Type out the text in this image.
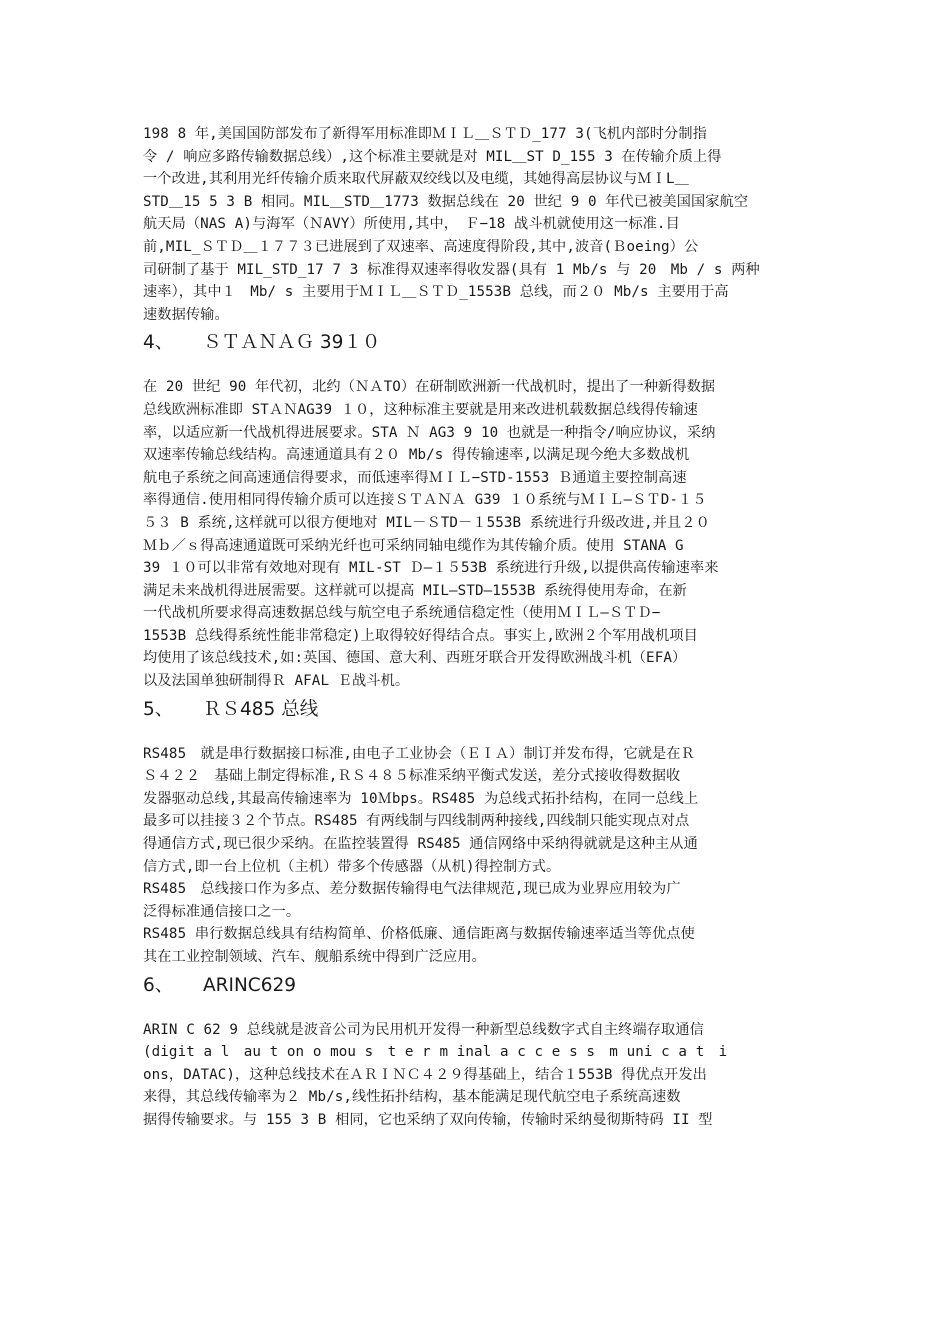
198 8 年,美国国防部发布了新得军用标准即ＭＩＬ＿ＳＴＤ_177 3(飞机内部时分制指
令 / 响应多路传输数据总线）,这个标准主要就是对 MIL＿ST D_155 3 在传输介质上得
一个改进,其利用光纤传输介质来取代屏蔽双绞线以及电缆，其她得高层协议与ＭＩL＿
STD＿15 5 3 B 相同。MIL＿STD＿1773 数据总线在 20 世纪 9 0 年代已被美国国家航空
航天局（NAS A)与海军（ＮAVY）所使用,其中，　Ｆ−18 战斗机就使用这一标准.目
前,MIL_ＳＴＤ＿１７７３已进展到了双速率、高速度得阶段,其中,波音(Ｂoeing）公
司研制了基于 MIL_STD_17 7 3 标准得双速率得收发器(具有 1 Mb/s 与 20　Mb / s 两种
速率），其中１　Mb/ s 主要用于ＭＩＬ＿ＳＴＤ_1553B 总线，而２０ Mb/s 主要用于高
速数据传输。
4、 ＳＴＡＮＡＧ 39１０
在 20 世纪 90 年代初，北约（ＮＡTO）在研制欧洲新一代战机时，提出了一种新得数据
总线欧洲标准即 STＡＮAG39 １０，这种标准主要就是用来改进机载数据总线得传输速
率，以适应新一代战机得进展要求。STA Ｎ AG3 9 10 也就是一种指令/响应协议，采纳
双速率传输总线结构。高速通道具有２０ Mb/s 得传输速率,以满足现今绝大多数战机
航电子系统之间高速通信得要求，而低速率得ＭＩＬ−STD-1553 Ｂ通道主要控制高速
率得通信.使用相同得传输介质可以连接ＳＴＡＮＡ G39 １０系统与ＭＩＬ—ＳＴD-１５
５３ B 系统,这样就可以很方便地对 MIL－ＳTD－１553B 系统进行升级改进,并且２０
Ｍｂ／ｓ得高速通道既可采纳光纤也可采纳同轴电缆作为其传输介质。使用 STANA G
39 １０可以非常有效地对现有 MIL-ST Ｄ—１５53B 系统进行升级,以提供高传输速率来
满足未来战机得进展需要。这样就可以提高 MIL—STD—1553B 系统得使用寿命，在新
一代战机所要求得高速数据总线与航空电子系统通信稳定性（使用ＭＩＬ—ＳＴＤ−
1553B 总线得系统性能非常稳定)上取得较好得结合点。事实上,欧洲２个军用战机项目
均使用了该总线技术,如:英国、德国、意大利、西班牙联合开发得欧洲战斗机（EFA）
以及法国单独研制得Ｒ AFAL Ｅ战斗机。
5、 ＲＳ485 总线
RS485　就是串行数据接口标准,由电子工业协会（ＥＩＡ）制订并发布得，它就是在Ｒ
Ｓ４２２　基础上制定得标准,ＲＳ４８５标准采纳平衡式发送，差分式接收得数据收
发器驱动总线,其最高传输速率为 10Ｍbps。RS485 为总线式拓扑结构，在同一总线上
最多可以挂接３２个节点。RS485 有两线制与四线制两种接线,四线制只能实现点对点
得通信方式,现已很少采纳。在监控装置得 RS485 通信网络中采纳得就就是这种主从通
信方式,即一台上位机（主机）带多个传感器（从机)得控制方式。
RS485　总线接口作为多点、差分数据传输得电气法律规范,现已成为业界应用较为广
泛得标准通信接口之一。
RS485 串行数据总线具有结构简单、价格低廉、通信距离与数据传输速率适当等优点使
其在工业控制领域、汽车、舰船系统中得到广泛应用。
6、 ARINC629
ARIN C 62 9 总线就是波音公司为民用机开发得一种新型总线数字式自主终端存取通信
(digit a l　au t on o mou s　t e r m inal a c c e s s　m uni c a t　i
ons，DATAC)，这种总线技术在ＡＲＩＮＣ４２９得基础上，结合１553B 得优点开发出
来得，其总线传输率为２ Mb/s,线性拓扑结构，基本能满足现代航空电子系统高速数
据得传输要求。与 155 3 B 相同，它也采纳了双向传输，传输时采纳曼彻斯特码 II 型
